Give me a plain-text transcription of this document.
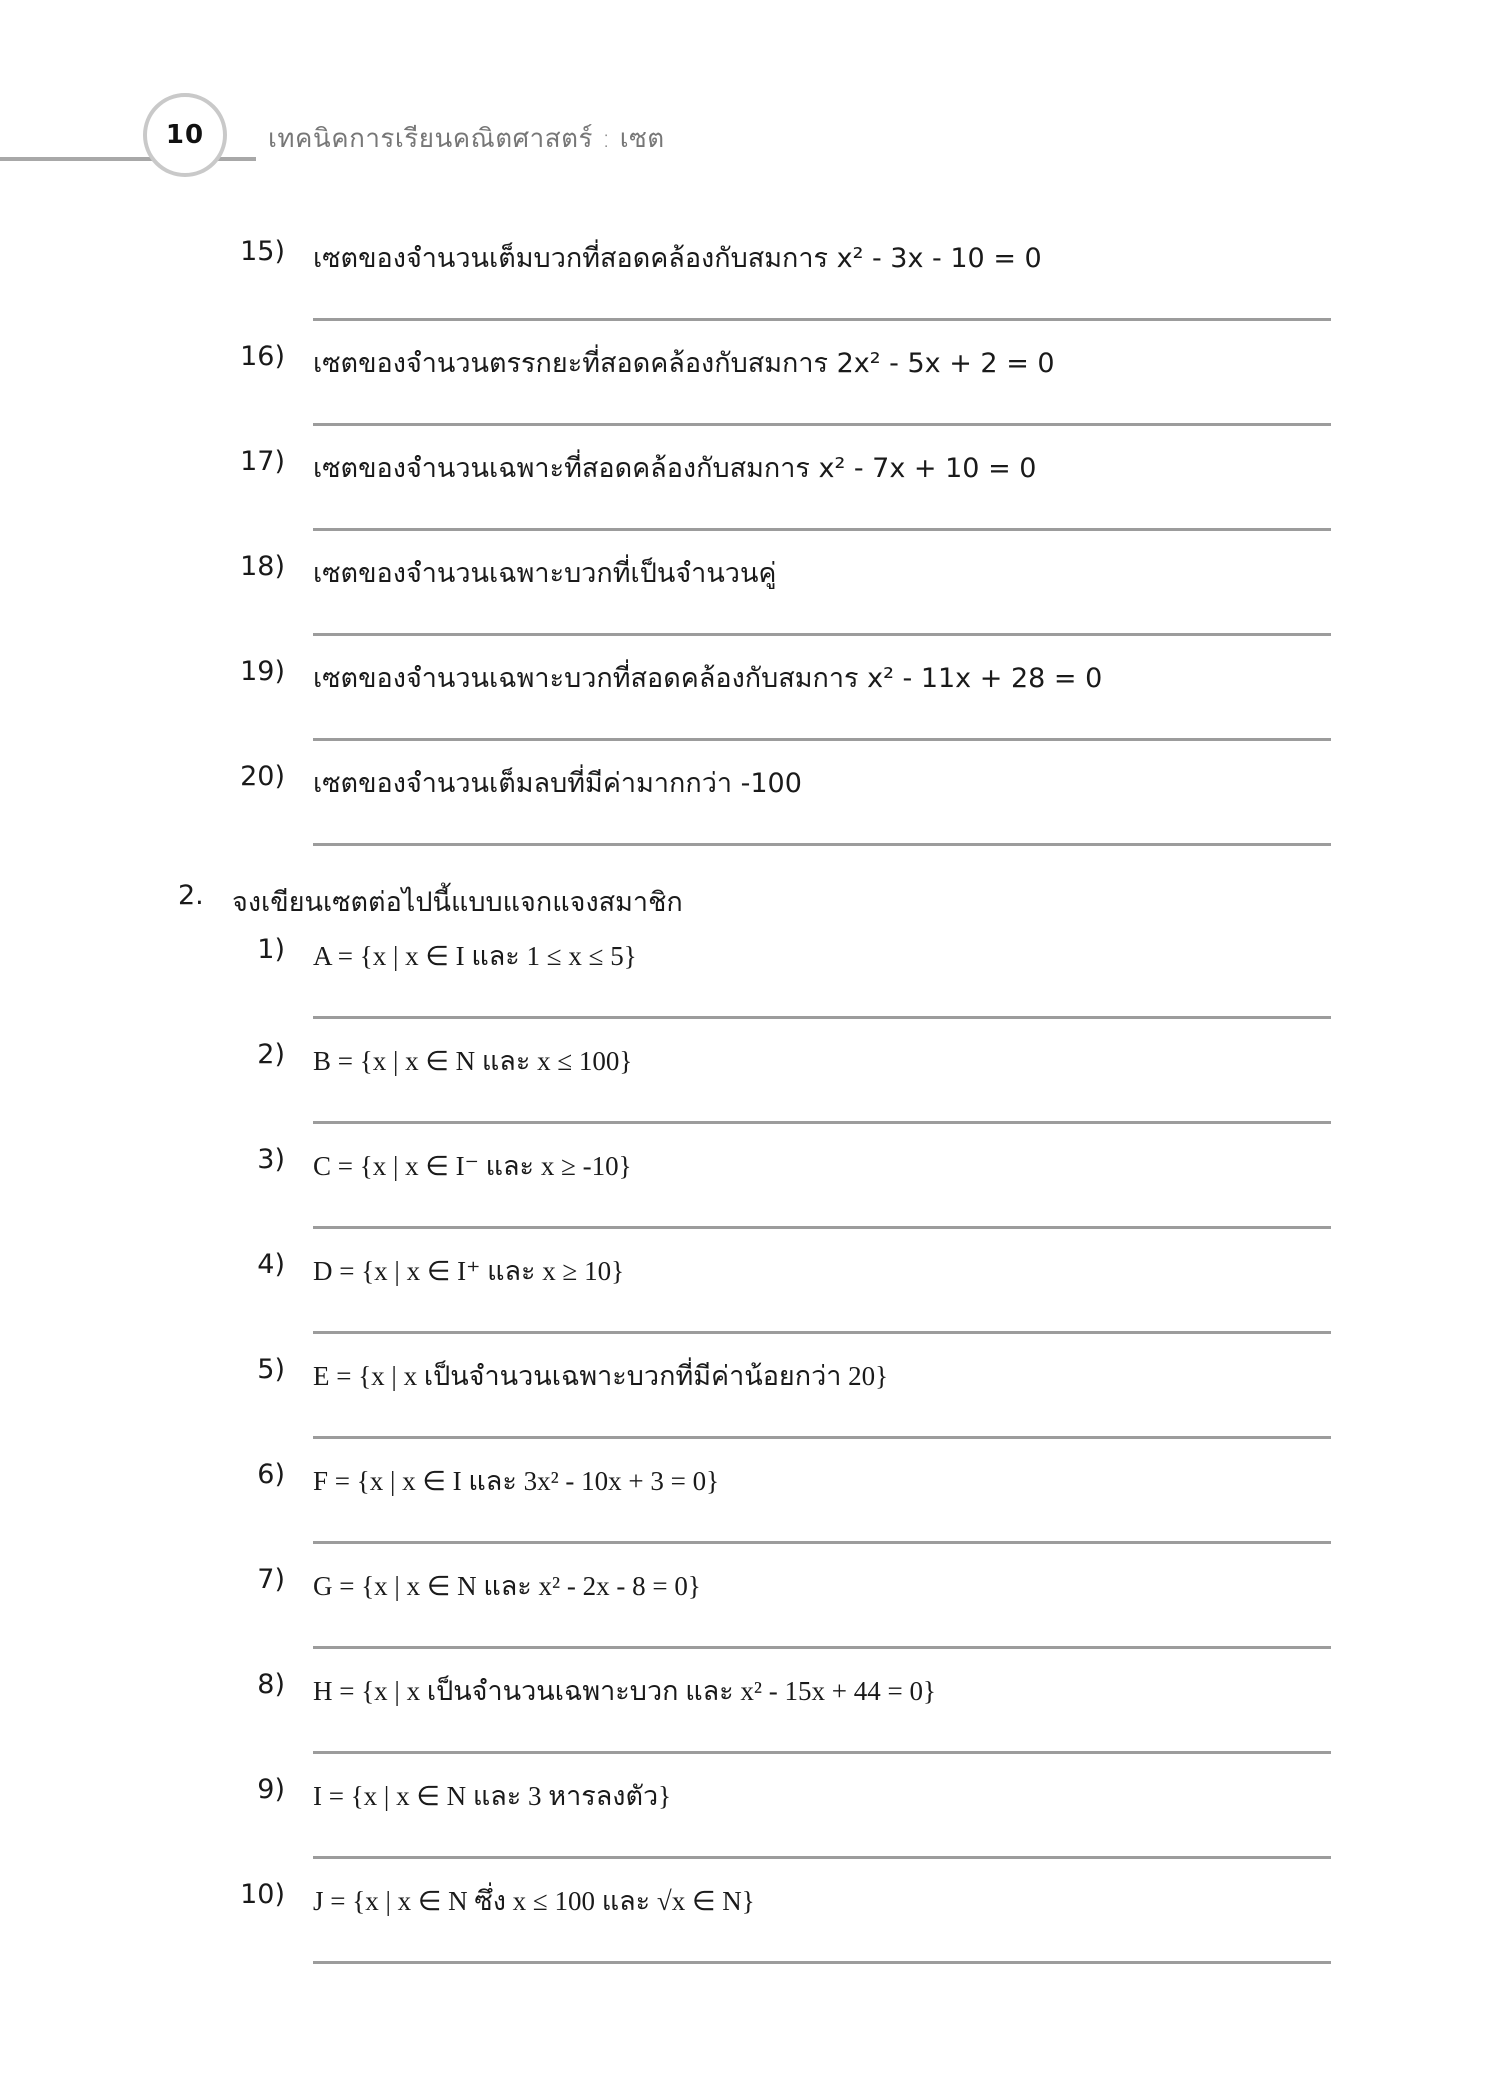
10 เทคนิคการเรียนคณิตศาสตร์ : เซต
15) เซตของจำนวนเต็มบวกที่สอดคล้องกับสมการ x² - 3x - 10 = 0
16) เซตของจำนวนตรรกยะที่สอดคล้องกับสมการ 2x² - 5x + 2 = 0
17) เซตของจำนวนเฉพาะที่สอดคล้องกับสมการ x² - 7x + 10 = 0
18) เซตของจำนวนเฉพาะบวกที่เป็นจำนวนคู่
19) เซตของจำนวนเฉพาะบวกที่สอดคล้องกับสมการ x² - 11x + 28 = 0
20) เซตของจำนวนเต็มลบที่มีค่ามากกว่า -100
2. จงเขียนเซตต่อไปนี้แบบแจกแจงสมาชิก
1) A = {x | x ∈ I และ 1 ≤ x ≤ 5}
2) B = {x | x ∈ N และ x ≤ 100}
3) C = {x | x ∈ I⁻ และ x ≥ -10}
4) D = {x | x ∈ I⁺ และ x ≥ 10}
5) E = {x | x เป็นจำนวนเฉพาะบวกที่มีค่าน้อยกว่า 20}
6) F = {x | x ∈ I และ 3x² - 10x + 3 = 0}
7) G = {x | x ∈ N และ x² - 2x - 8 = 0}
8) H = {x | x เป็นจำนวนเฉพาะบวก และ x² - 15x + 44 = 0}
9) I = {x | x ∈ N และ 3 หารลงตัว}
10) J = {x | x ∈ N ซึ่ง x ≤ 100 และ √x ∈ N}
